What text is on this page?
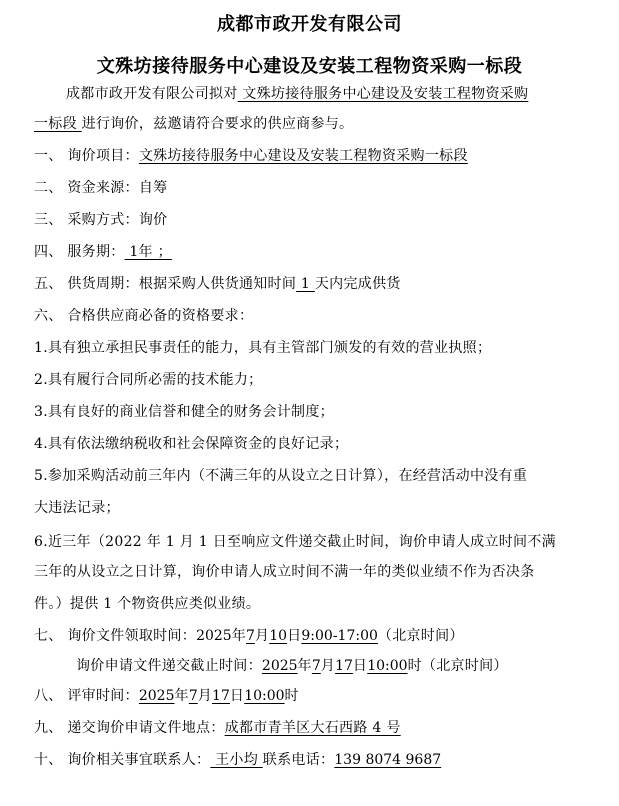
成都市政开发有限公司
文殊坊接待服务中心建设及安装工程物资采购一标段
成都市政开发有限公司拟对 文殊坊接待服务中心建设及安装工程物资采购
一标段 进行询价，兹邀请符合要求的供应商参与。
一、 询价项目：文殊坊接待服务中心建设及安装工程物资采购一标段
二、 资金来源：自筹
三、 采购方式：询价
四、 服务期： 1年 ；
五、 供货周期：根据采购人供货通知时间 1 天内完成供货
六、 合格供应商必备的资格要求：
1.具有独立承担民事责任的能力，具有主管部门颁发的有效的营业执照；
2.具有履行合同所必需的技术能力；
3.具有良好的商业信誉和健全的财务会计制度；
4.具有依法缴纳税收和社会保障资金的良好记录；
5.参加采购活动前三年内（不满三年的从设立之日计算），在经营活动中没有重
大违法记录；
6.近三年（2022 年 1 月 1 日至响应文件递交截止时间，询价申请人成立时间不满
三年的从设立之日计算，询价申请人成立时间不满一年的类似业绩不作为否决条
件。）提供 1 个物资供应类似业绩。
七、 询价文件领取时间：2025年7月10日9:00-17:00（北京时间）
询价申请文件递交截止时间：2025年7月17日10:00时（北京时间）
八、 评审时间：2025年7月17日10:00时
九、 递交询价申请文件地点：成都市青羊区大石西路 4 号
十、 询价相关事宜联系人： 王小均 联系电话：139 8074 9687
